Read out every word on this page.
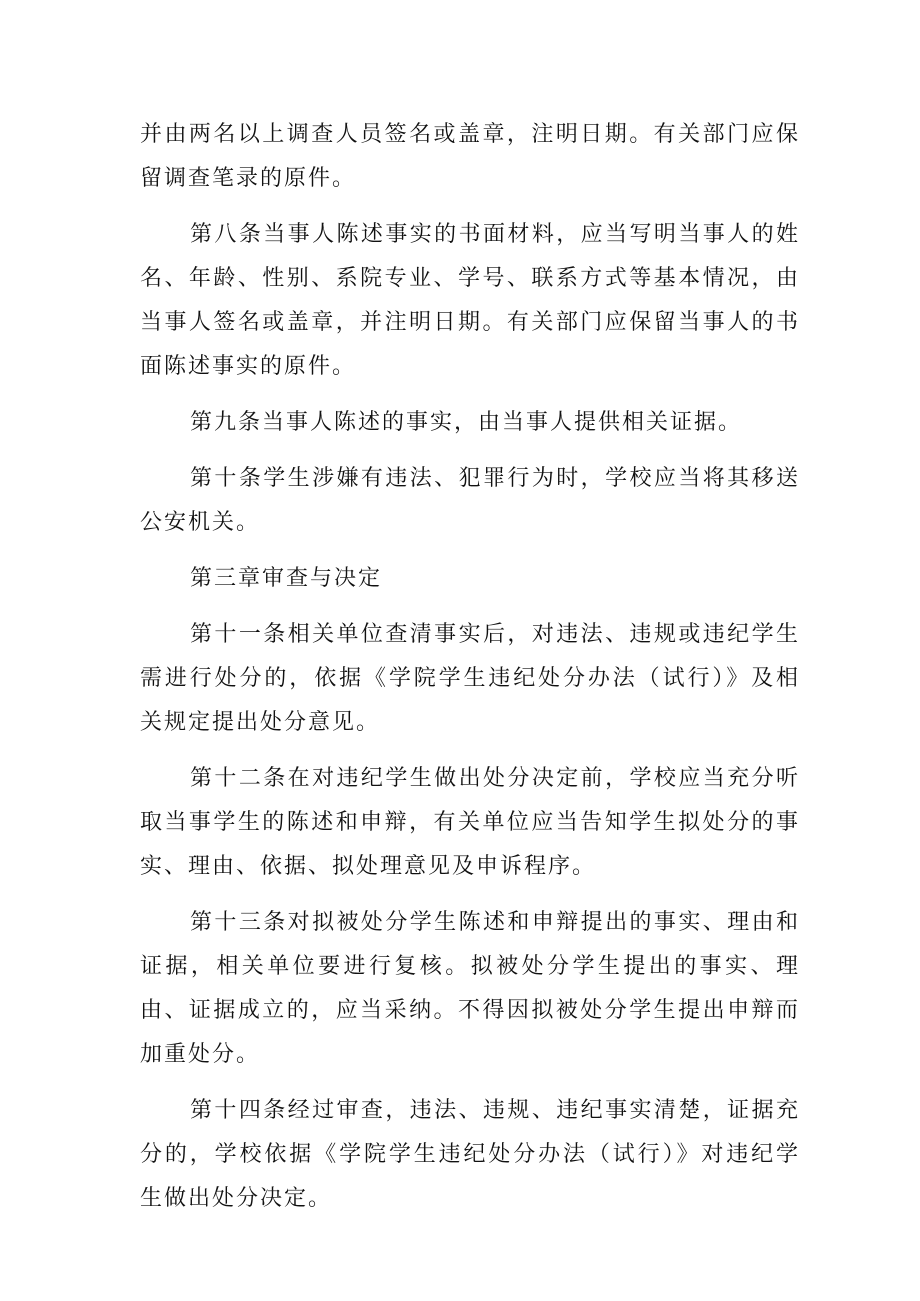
并由两名以上调查人员签名或盖章，注明日期。有关部门应保留调查笔录的原件。

第八条当事人陈述事实的书面材料，应当写明当事人的姓名、年龄、性别、系院专业、学号、联系方式等基本情况，由当事人签名或盖章，并注明日期。有关部门应保留当事人的书面陈述事实的原件。

第九条当事人陈述的事实，由当事人提供相关证据。

第十条学生涉嫌有违法、犯罪行为时，学校应当将其移送公安机关。

第三章审查与决定

第十一条相关单位查清事实后，对违法、违规或违纪学生需进行处分的，依据《学院学生违纪处分办法（试行）》及相关规定提出处分意见。

第十二条在对违纪学生做出处分决定前，学校应当充分听取当事学生的陈述和申辩，有关单位应当告知学生拟处分的事实、理由、依据、拟处理意见及申诉程序。

第十三条对拟被处分学生陈述和申辩提出的事实、理由和证据，相关单位要进行复核。拟被处分学生提出的事实、理由、证据成立的，应当采纳。不得因拟被处分学生提出申辩而加重处分。

第十四条经过审查，违法、违规、违纪事实清楚，证据充分的，学校依据《学院学生违纪处分办法（试行）》对违纪学生做出处分决定。
